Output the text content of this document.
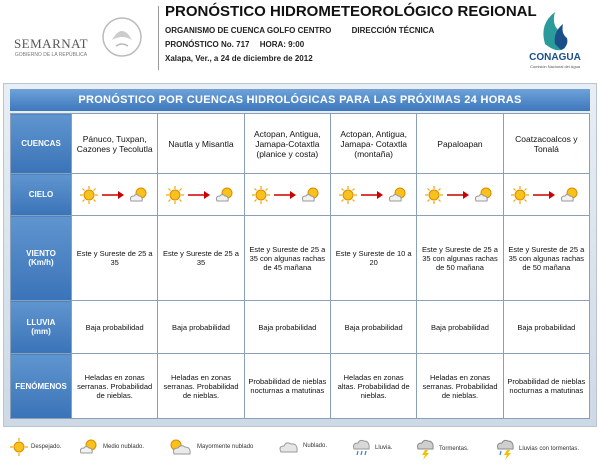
SEMARNAT
GOBIERNO DE LA REPÚBLICA
PRONÓSTICO HIDROMETEOROLÓGICO REGIONAL
ORGANISMO DE CUENCA GOLFO CENTRO	DIRECCIÓN TÉCNICA
PRONÓSTICO No. 717 HORA: 9:00
Xalapa, Ver., a 24 de diciembre de 2012	CONAGUA
Comisión Nacional del Agua
PRONÓSTICO POR CUENCAS HIDROLÓGICAS PARA LAS PRÓXIMAS 24 HORAS
CUENCAS	Pánuco, Tuxpan, Cazones y Tecolutla	Nautla y Misantla	Actopan, Antigua, Jamapa-Cotaxtla (planice y costa)	Actopan, Antigua, Jamapa- Cotaxtla (montaña)	Papaloapan	Coatzacoalcos y Tonalá
CIELO	

VIENTO
(Km/h)	Este y Sureste de 25 a 35	Este y Sureste de 25 a 35	Este y Sureste de 25 a 35 con algunas rachas de 45 mañana	Este y Sureste de 10 a 20	Este y Sureste de 25 a 35 con algunas rachas de 50 mañana	Este y Sureste de 25 a 35 con algunas rachas de 50 mañana
LLUVIA
(mm)	Baja probabilidad	Baja probabilidad	Baja probabilidad	Baja probabilidad	Baja probabilidad	Baja probabilidad
FENÓMENOS	Heladas en zonas serranas. Probabilidad de nieblas.	Heladas en zonas serranas. Probabilidad de nieblas.	Probabilidad de nieblas nocturnas a matutinas	Heladas en zonas altas. Probabilidad de nieblas.	Heladas en zonas serranas. Probabilidad de nieblas.	Probabilidad de nieblas nocturnas a matutinas
Despejado.	Medio nublado.	Mayormente nublado	Nublado.	Lluvia.	Tormentas.	Lluvias con tormentas.
